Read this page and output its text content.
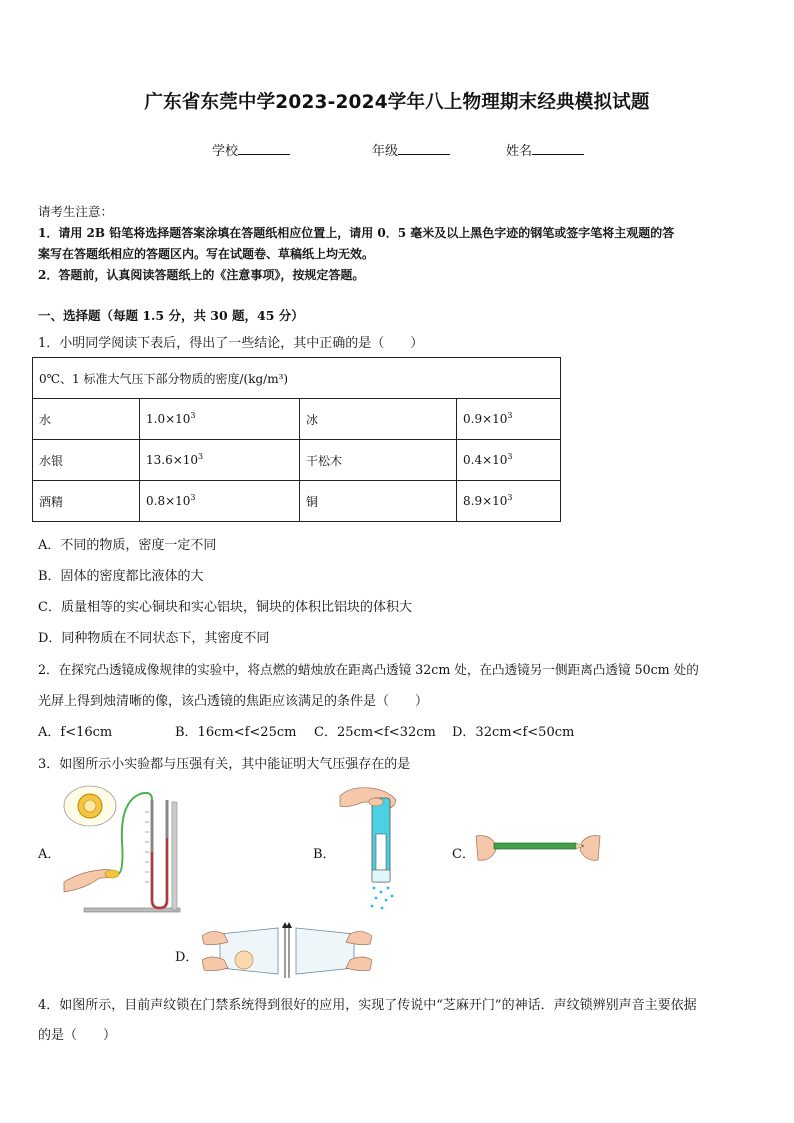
广东省东莞中学2023-2024学年八上物理期末经典模拟试题
学校	年级	姓名
请考生注意：
1．请用 2B 铅笔将选择题答案涂填在答题纸相应位置上，请用 0．5 毫米及以上黑色字迹的钢笔或签字笔将主观题的答
案写在答题纸相应的答题区内。写在试题卷、草稿纸上均无效。
2．答题前，认真阅读答题纸上的《注意事项》，按规定答题。
一、选择题（每题 1.5 分，共 30 题，45 分）
1．小明同学阅读下表后，得出了一些结论，其中正确的是（　　）
0℃、1 标准大气压下部分物质的密度/(kg/m³)			
水	$1.0\times 10^3$	冰	$0.9\times 10^3$
水银	$13.6\times 10^3$	干松木	$0.4\times 10^3$
酒精	$0.8\times 10^3$	铜	$8.9\times 10^3$
A．不同的物质，密度一定不同
B．固体的密度都比液体的大
C．质量相等的实心铜块和实心铝块，铜块的体积比铝块的体积大
D．同种物质在不同状态下，其密度不同
2．在探究凸透镜成像规律的实验中，将点燃的蜡烛放在距离凸透镜 32cm 处，在凸透镜另一侧距离凸透镜 50cm 处的
光屏上得到烛清晰的像，该凸透镜的焦距应该满足的条件是（　　）
A．f<16cm	B．16cm<f<25cm C．25cm<f<32cm D．32cm<f<50cm
3．如图所示小实验都与压强有关，其中能证明大气压强存在的是
A．	B．	C．
D．
4．如图所示，目前声纹锁在门禁系统得到很好的应用，实现了传说中“芝麻开门”的神话．声纹锁辨别声音主要依据
的是（　　）
